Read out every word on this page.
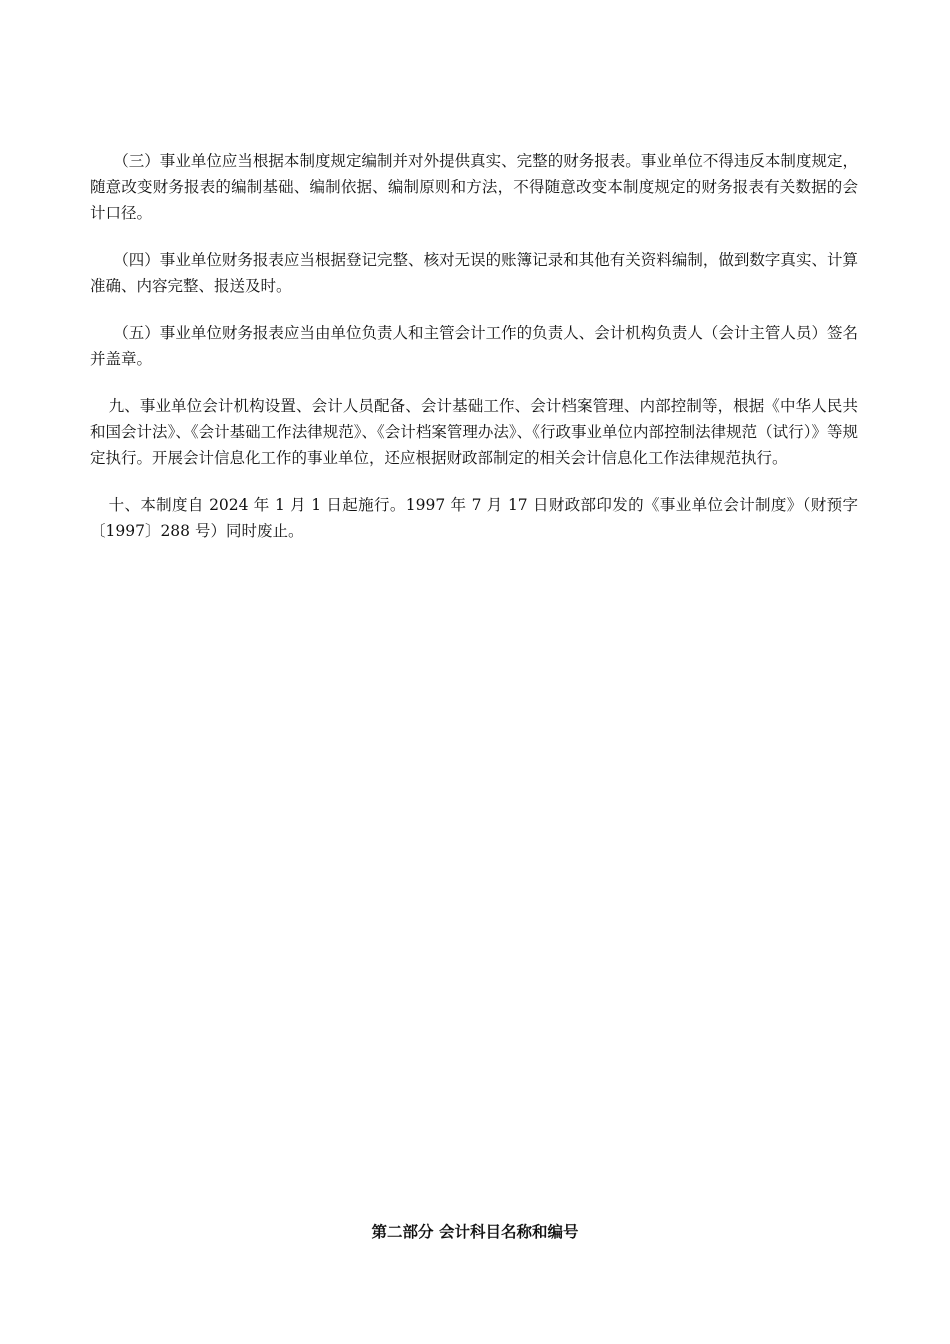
（三）事业单位应当根据本制度规定编制并对外提供真实、完整的财务报表。事业单位不得违反本制度规定，随意改变财务报表的编制基础、编制依据、编制原则和方法，不得随意改变本制度规定的财务报表有关数据的会计口径。

（四）事业单位财务报表应当根据登记完整、核对无误的账簿记录和其他有关资料编制，做到数字真实、计算准确、内容完整、报送及时。

（五）事业单位财务报表应当由单位负责人和主管会计工作的负责人、会计机构负责人（会计主管人员）签名并盖章。

九、事业单位会计机构设置、会计人员配备、会计基础工作、会计档案管理、内部控制等，根据《中华人民共和国会计法》、《会计基础工作法律规范》、《会计档案管理办法》、《行政事业单位内部控制法律规范（试行）》等规定执行。开展会计信息化工作的事业单位，还应根据财政部制定的相关会计信息化工作法律规范执行。

十、本制度自 2024 年 1 月 1 日起施行。1997 年 7 月 17 日财政部印发的《事业单位会计制度》（财预字〔1997〕288 号）同时废止。

第二部分 会计科目名称和编号
